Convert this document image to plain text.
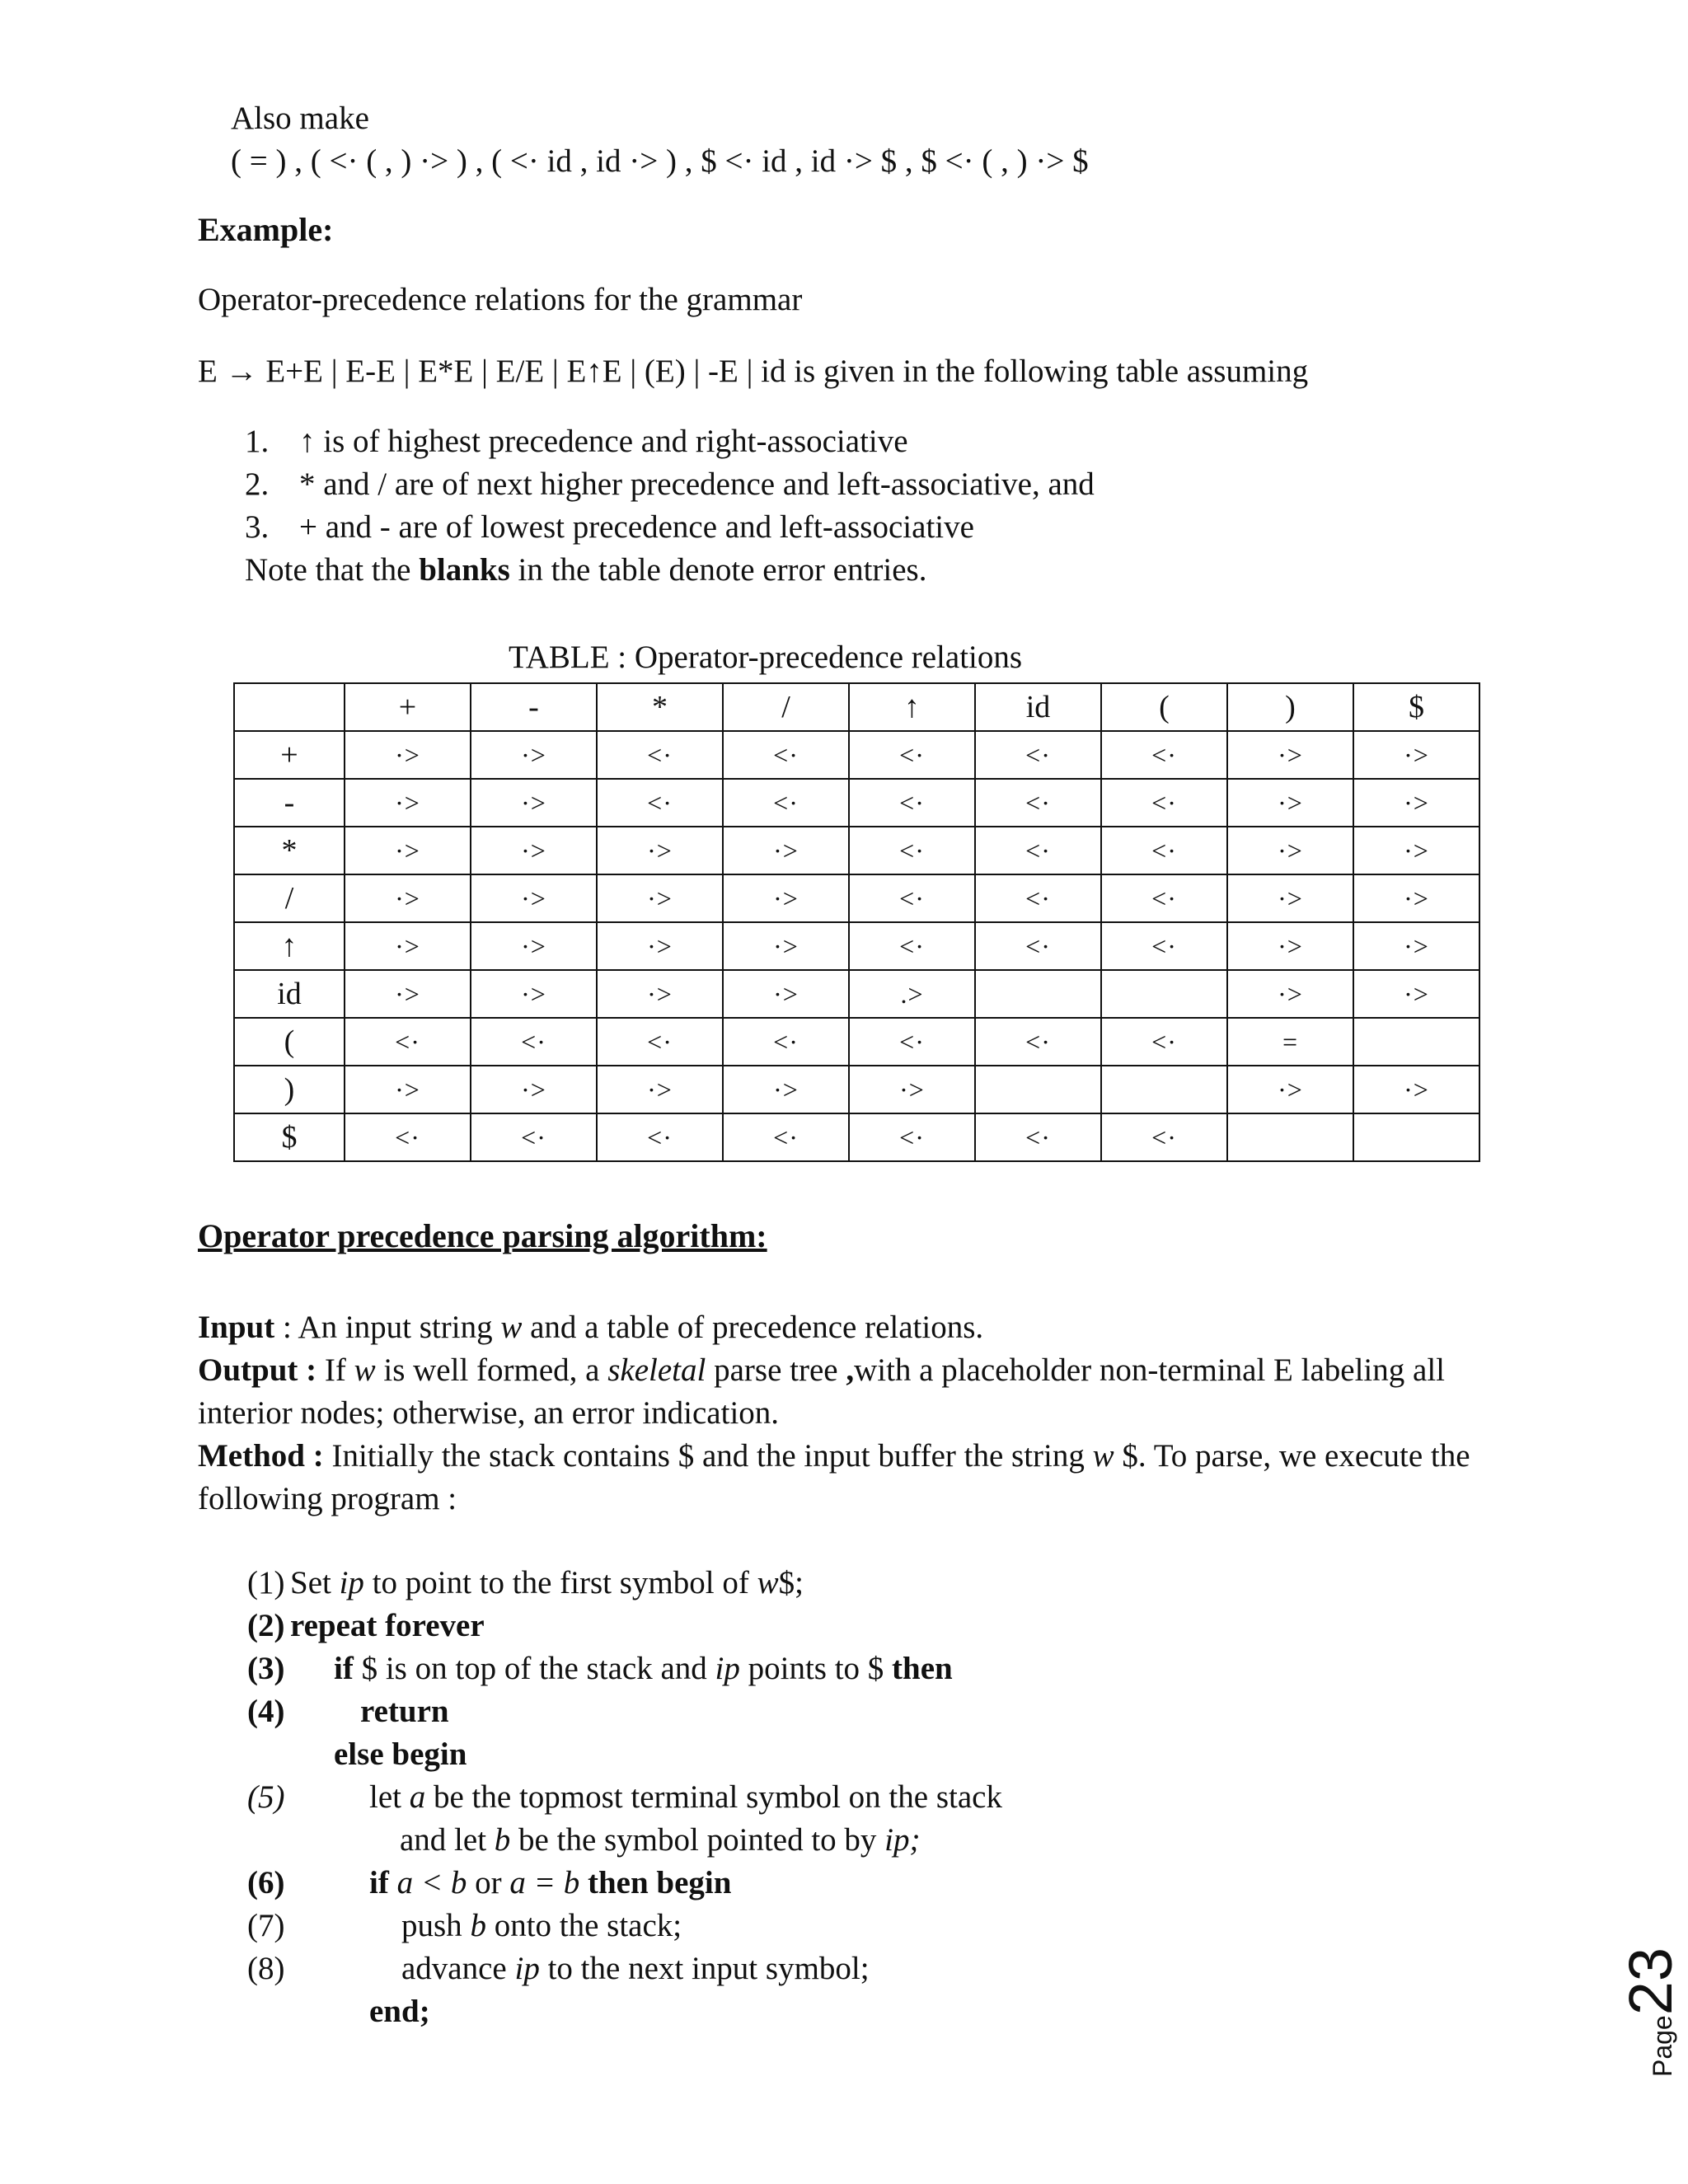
Also make
( = ) , ( <· ( , ) ·> ) , ( <· id , id ·> ) , $ <· id , id ·> $ , $ <· ( , ) ·> $
Example:
Operator-precedence relations for the grammar
E → E+E | E-E | E*E | E/E | E↑E | (E) | -E | id is given in the following table assuming
1. ↑ is of highest precedence and right-associative
2. * and / are of next higher precedence and left-associative, and
3. + and - are of lowest precedence and left-associative
Note that the blanks in the table denote error entries.
TABLE : Operator-precedence relations
	+	-	*	/	↑	id	(	)	$
+	·>	·>	<·	<·	<·	<·	<·	·>	·>
-	·>	·>	<·	<·	<·	<·	<·	·>	·>
*	·>	·>	·>	·>	<·	<·	<·	·>	·>
/	·>	·>	·>	·>	<·	<·	<·	·>	·>
↑	·>	·>	·>	·>	<·	<·	<·	·>	·>
id	·>	·>	·>	·>	.>			·>	·>
(	<·	<·	<·	<·	<·	<·	<·	=	
)	·>	·>	·>	·>	·>			·>	·>
$	<·	<·	<·	<·	<·	<·	<·		
Operator precedence parsing algorithm:

Input : An input string w and a table of precedence relations.

Output : If w is well formed, a skeletal parse tree ,with a placeholder non-terminal E labeling all interior nodes; otherwise, an error indication.

Method : Initially the stack contains $ and the input buffer the string w $. To parse, we execute the following program :

(1) Set ip to point to the first symbol of w$;
(2) repeat forever
(3) if $ is on top of the stack and ip points to $ then
(4) return
else begin
(5)	let a be the topmost terminal symbol on the stack
and let b be the symbol pointed to by ip;
(6)	if a < b or a = b then begin
(7)	push b onto the stack;
(8)	advance ip to the next input symbol;
end;
Page23
